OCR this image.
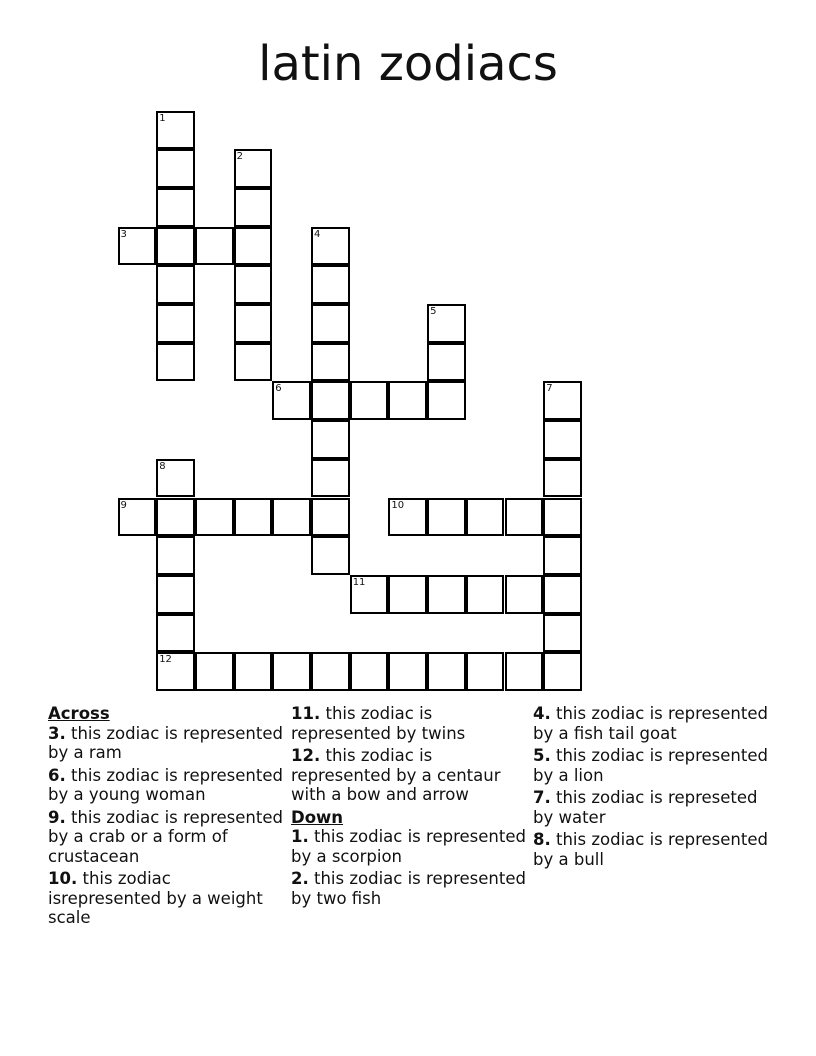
latin zodiacs
1
3
2
4
5
6	7
8
12
9	10
11
Across
3. this zodiac is represented by a ram
6. this zodiac is represented by a young woman
9. this zodiac is represented by a crab or a form of crustacean
10. this zodiac isrepresented by a weight scale
11. this zodiac is represented by twins
12. this zodiac is represented by a centaur with a bow and arrow
Down
1. this zodiac is represented by a scorpion
2. this zodiac is represented by two fish
4. this zodiac is represented by a fish tail goat
5. this zodiac is represented by a lion
7. this zodiac is represeted by water
8. this zodiac is represented by a bull
